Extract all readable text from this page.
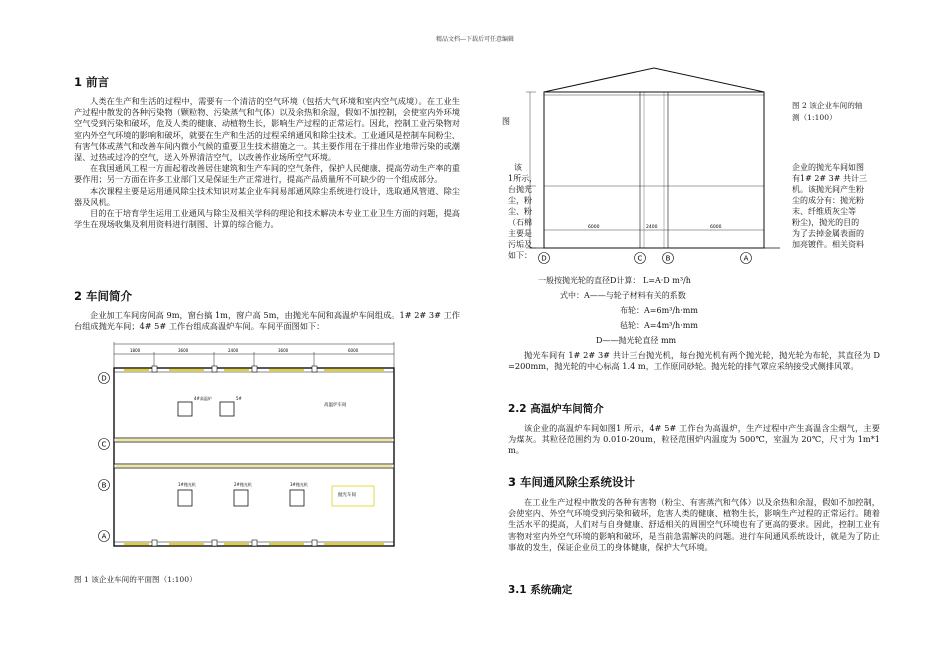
精品文档---下载后可任意编辑
1 前言

人类在生产和生活的过程中，需要有一个清洁的空气环境（包括大气环境和室内空气成境）。在工业生产过程中散发的各种污染物（颗粒物、污染蒸气和气体）以及余热和余湿，假如不加控制，会使室内外环境空气受到污染和破坏，危及人类的健康、动植物生长，影响生产过程的正常运行。因此，控制工业污染物对室内外空气环境的影响和破坏，就要在生产和生活的过程采纳通风和除尘技术。工业通风是控制车间粉尘、有害气体或蒸气和改善车间内微小气候的重要卫生技术措施之一。其主要作用在于排出作业地带污染的或潮湿、过热或过冷的空气，送入外界清洁空气，以改善作业场所空气环境。

在我国通风工程一方面起着改善居住建筑和生产车间的空气条件，保护人民健康、提高劳动生产率的重要作用；另一方面在许多工业部门又是保证生产正常进行，提高产品质量所不可缺少的一个组成部分。

本次课程主要是运用通风除尘技术知识对某企业车间易部通风除尘系统进行设计，选取通风管道、除尘器及风机。

目的在于培育学生运用工业通风与除尘及相关学科的理论和技术解决本专业工业卫生方面的问题，提高学生在现场收集及利用资料进行制图、计算的综合能力。

2 车间简介

企业加工车间房间高 9m，窗台搞 1m，窗户高 5m，由抛光车间和高温炉车间组成。1# 2# 3# 工作台组成抛光车间；4# 5# 工作台组成高温炉车间。车间平面图如下：

1800	3600	2400	3600	6000
4#高温炉	5#
高温炉车间
1#抛光机	2#抛光机	3#抛光机
抛光车间
D
C
B
A
图 1 该企业车间的平面图（1:100）
6000	2400	6000
D	C	B	A
图 2 该企业车间的轴测（1:100）
图
该
1所示，
台抛光
尘，粉
尘、粉
（石棉
主要是
污垢及
如下：
企业的抛光车间如图
有1# 2# 3# 共计三
机。该抛光间产生粉
尘的成分有：抛光粉
末、纤维质灰尘等
粉尘)，抛光的目的
为了去掉金属表面的
加亮镀件。相关资料
一般按抛光轮的直径D计算： L=A·D m³/h
式中：A——与轮子材料有关的系数
布轮：A=6m³/h·mm
毡轮：A=4m³/h·mm
D——抛光轮直径 mm

抛光车间有 1# 2# 3# 共计三台抛光机，每台抛光机有两个抛光轮，抛光轮为布轮，其直径为 D=200mm，抛光轮的中心标高 1.4 m，工作原同砂轮。抛光轮的排气罩应采纳接受式侧排风罩。

2.2 高温炉车间简介

该企业的高温炉车间如图1 所示，4# 5# 工作台为高温炉，生产过程中产生高温含尘烟气，主要为煤灰。其粒径范围约为 0.010-20um，粒径范围炉内温度为 500℃，室温为 20℃，尺寸为 1m*1m。

3 车间通风除尘系统设计

在工业生产过程中散发的各种有害物（粉尘、有害蒸汽和气体）以及余热和余湿，假如不加控制，会使室内、外空气环境受到污染和破坏，危害人类的健康、植物生长，影响生产过程的正常运行。随着生活水平的提高，人们对与自身健康、舒适相关的周围空气环境也有了更高的要求。因此，控制工业有害物对室内外空气环境的影响和破坏，是当前急需解决的问题。进行车间通风系统设计，就是为了防止事故的发生，保证企业员工的身体健康，保护大气环境。

3.1 系统确定
